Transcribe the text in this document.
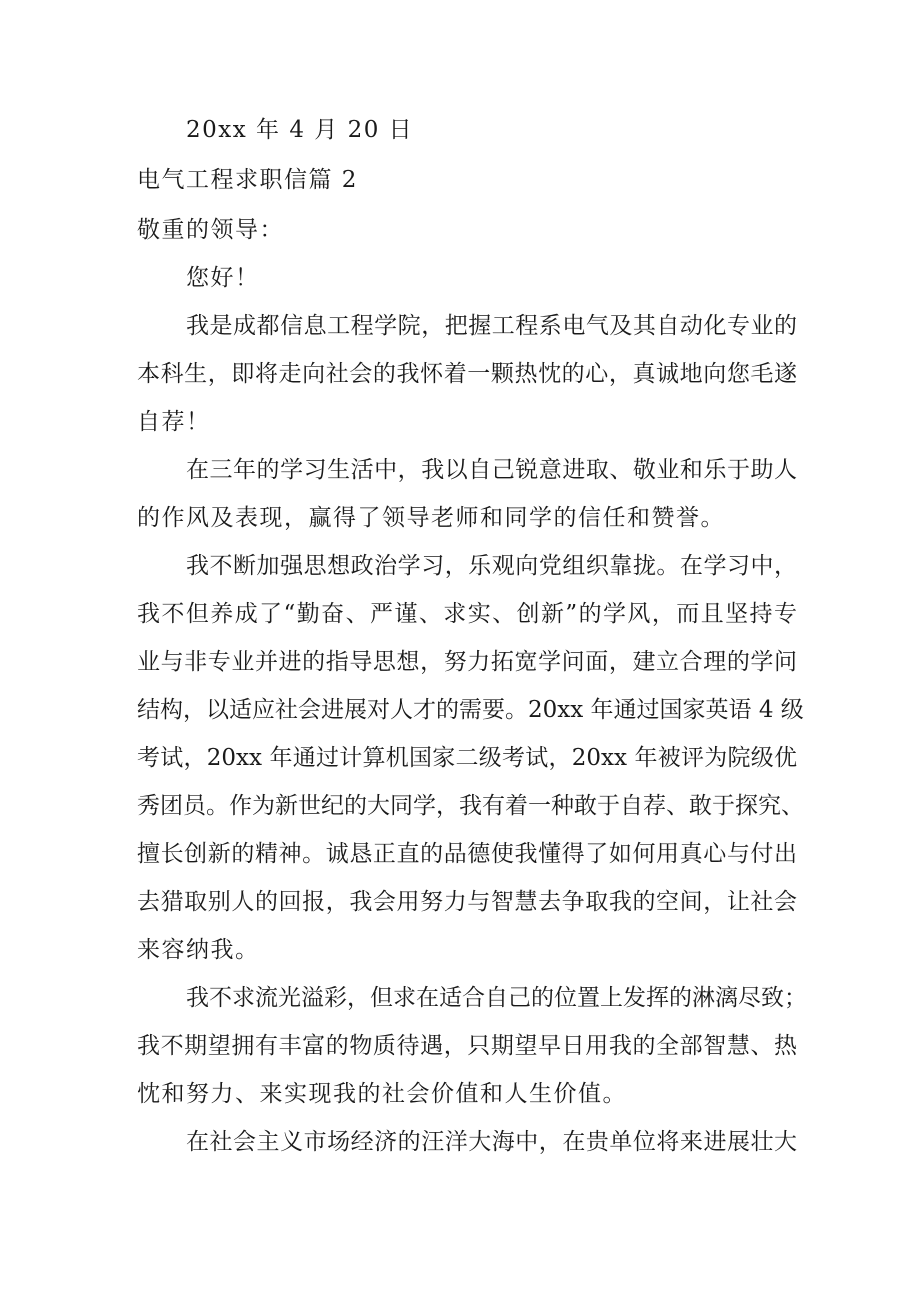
20xx 年 4 月 20 日
电气工程求职信篇 2
敬重的领导：
您好！
我是成都信息工程学院，把握工程系电气及其自动化专业的
本科生，即将走向社会的我怀着一颗热忱的心，真诚地向您毛遂
自荐！
在三年的学习生活中，我以自己锐意进取、敬业和乐于助人
的作风及表现，赢得了领导老师和同学的信任和赞誉。
我不断加强思想政治学习，乐观向党组织靠拢。在学习中，
我不但养成了“勤奋、严谨、求实、创新”的学风，而且坚持专
业与非专业并进的指导思想，努力拓宽学问面，建立合理的学问
结构，以适应社会进展对人才的需要。20xx 年通过国家英语 4 级
考试，20xx 年通过计算机国家二级考试，20xx 年被评为院级优
秀团员。作为新世纪的大同学，我有着一种敢于自荐、敢于探究、
擅长创新的精神。诚恳正直的品德使我懂得了如何用真心与付出
去猎取别人的回报，我会用努力与智慧去争取我的空间，让社会
来容纳我。
我不求流光溢彩，但求在适合自己的位置上发挥的淋漓尽致；
我不期望拥有丰富的物质待遇，只期望早日用我的全部智慧、热
忱和努力、来实现我的社会价值和人生价值。
在社会主义市场经济的汪洋大海中，在贵单位将来进展壮大
